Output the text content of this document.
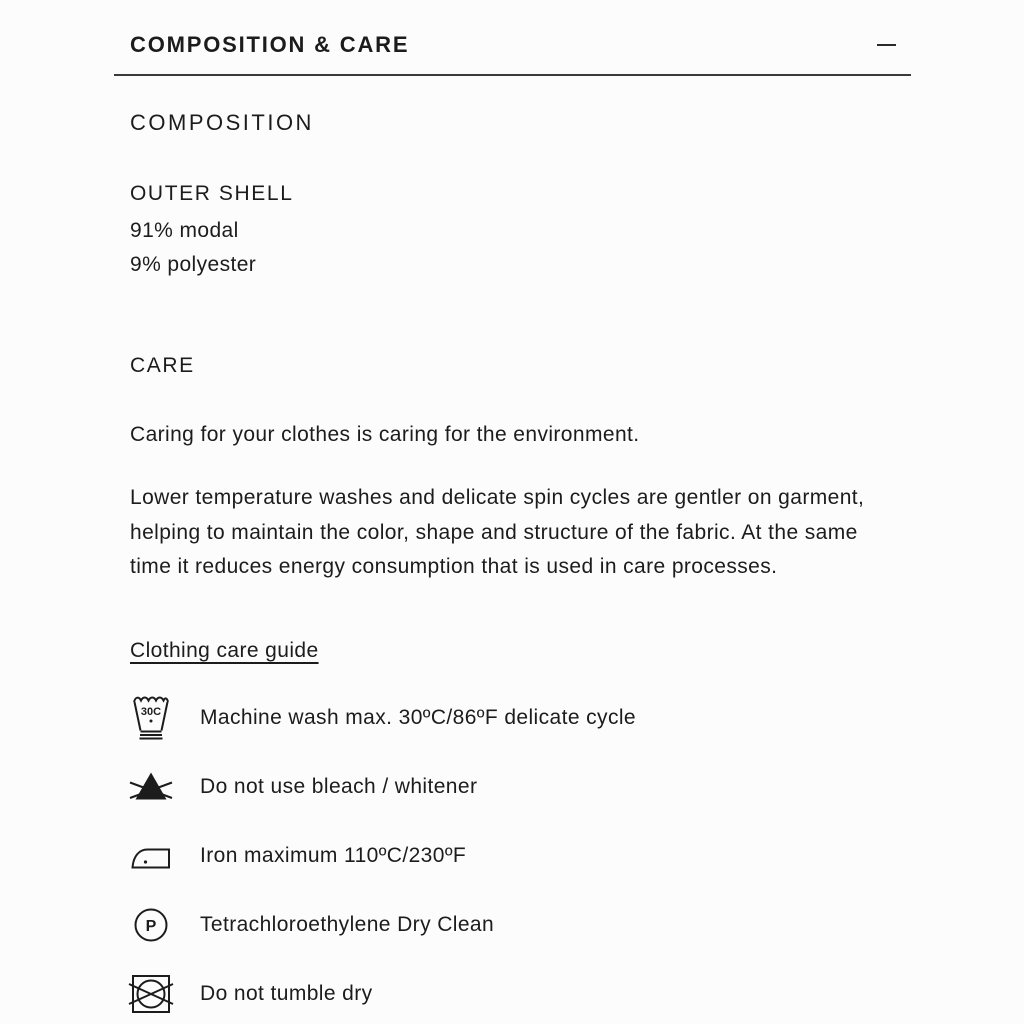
COMPOSITION & CARE
COMPOSITION
OUTER SHELL
91% modal
9% polyester
CARE

Caring for your clothes is caring for the environment.

Lower temperature washes and delicate spin cycles are gentler on garment, helping to maintain the color, shape and structure of the fabric. At the same time it reduces energy consumption that is used in care processes.

Clothing care guide
30C Machine wash max. 30ºC/86ºF delicate cycle
Do not use bleach / whitener
Iron maximum 110ºC/230ºF
P Tetrachloroethylene Dry Clean
Do not tumble dry
